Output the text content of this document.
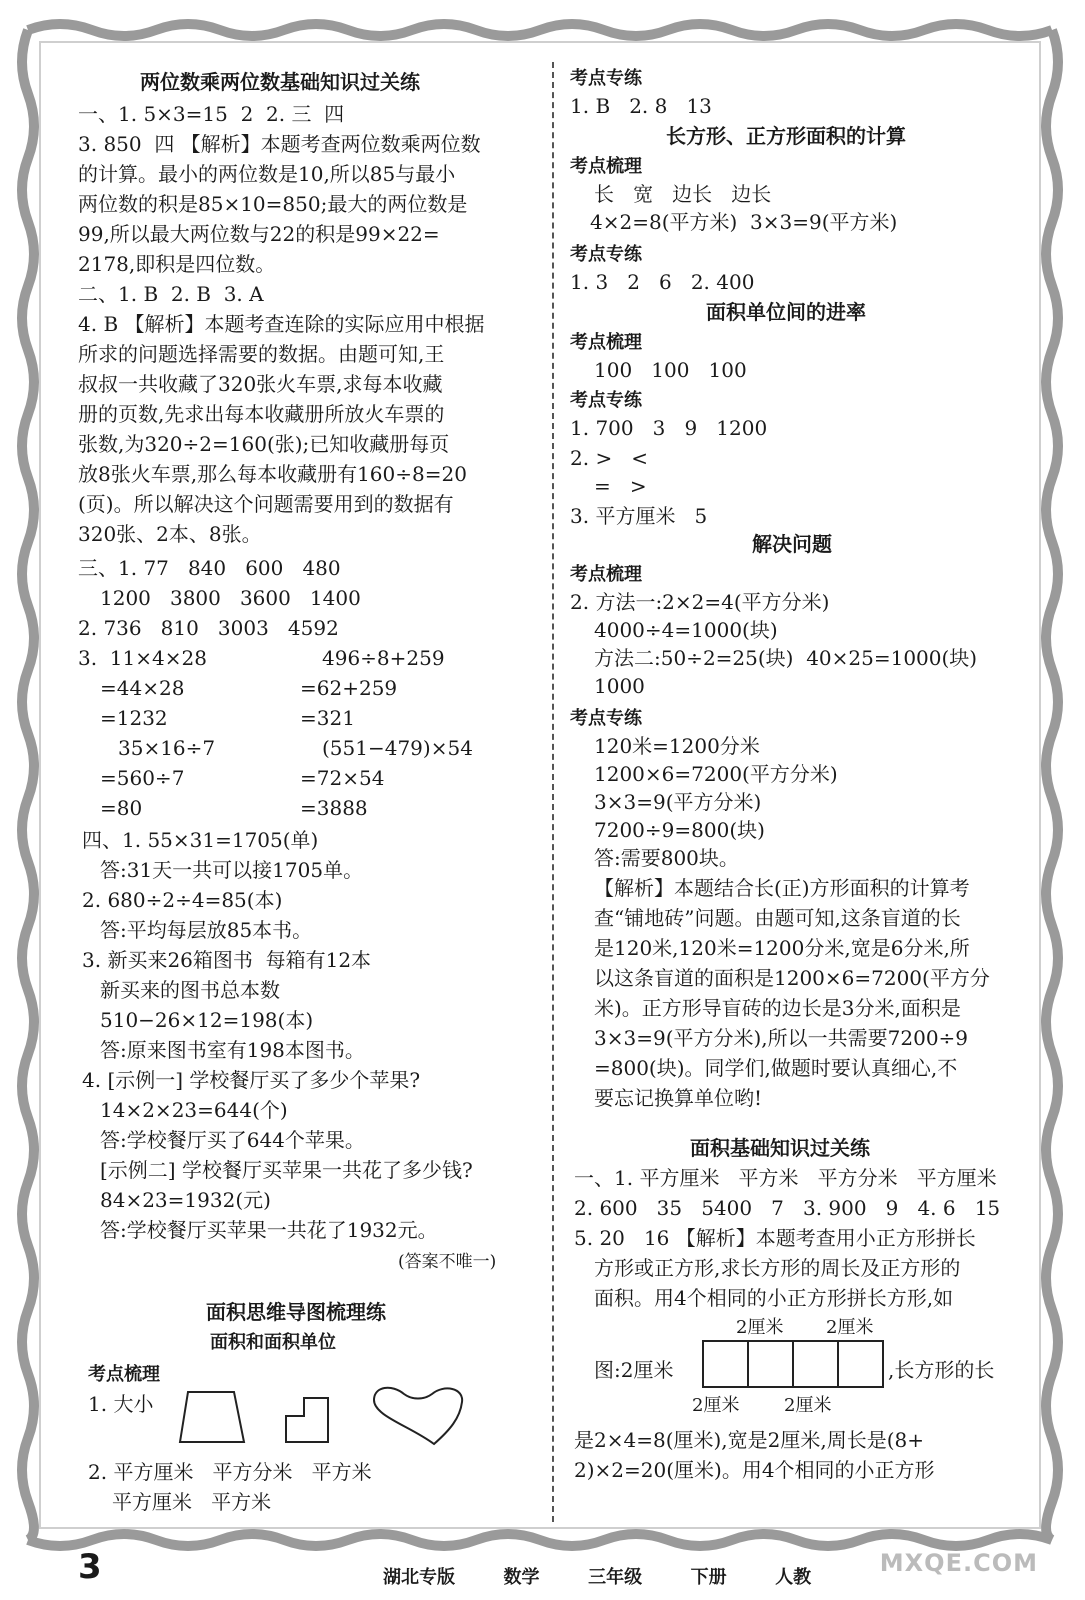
两位数乘两位数基础知识过关练
一、1. 5×3=15  2  2. 三  四
3. 850  四 【解析】本题考查两位数乘两位数
的计算。最小的两位数是10,所以85与最小
两位数的积是85×10=850;最大的两位数是
99,所以最大两位数与22的积是99×22=
2178,即积是四位数。
二、1. B  2. B  3. A
4. B 【解析】本题考查连除的实际应用中根据
所求的问题选择需要的数据。由题可知,王
叔叔一共收藏了320张火车票,求每本收藏
册的页数,先求出每本收藏册所放火车票的
张数,为320÷2=160(张);已知收藏册每页
放8张火车票,那么每本收藏册有160÷8=20
(页)。所以解决这个问题需要用到的数据有
320张、2本、8张。
三、1. 77   840   600   480
1200   3800   3600   1400
2. 736   810   3003   4592
3.  11×4×28
=44×28
=1232
35×16÷7
=560÷7
=80
496÷8+259
=62+259
=321
(551−479)×54
=72×54
=3888
四、1. 55×31=1705(单)
答:31天一共可以接1705单。
2. 680÷2÷4=85(本)
答:平均每层放85本书。
3. 新买来26箱图书  每箱有12本
新买来的图书总本数
510−26×12=198(本)
答:原来图书室有198本图书。
4. [示例一] 学校餐厅买了多少个苹果?
14×2×23=644(个)
答:学校餐厅买了644个苹果。
[示例二] 学校餐厅买苹果一共花了多少钱?
84×23=1932(元)
答:学校餐厅买苹果一共花了1932元。
(答案不唯一)
面积思维导图梳理练
面积和面积单位
考点梳理
1. 大小
2. 平方厘米   平方分米   平方米
平方厘米   平方米
考点专练
1. B   2. 8   13
长方形、正方形面积的计算
考点梳理
长   宽   边长   边长
4×2=8(平方米)  3×3=9(平方米)
考点专练
1. 3   2   6   2. 400
面积单位间的进率
考点梳理
100   100   100
考点专练
1. 700   3   9   1200
2. >   <
=   >
3. 平方厘米   5
解决问题
考点梳理
2. 方法一:2×2=4(平方分米)
4000÷4=1000(块)
方法二:50÷2=25(块)  40×25=1000(块)
1000
考点专练
120米=1200分米
1200×6=7200(平方分米)
3×3=9(平方分米)
7200÷9=800(块)
答:需要800块。
【解析】本题结合长(正)方形面积的计算考
查“铺地砖”问题。由题可知,这条盲道的长
是120米,120米=1200分米,宽是6分米,所
以这条盲道的面积是1200×6=7200(平方分
米)。正方形导盲砖的边长是3分米,面积是
3×3=9(平方分米),所以一共需要7200÷9
=800(块)。同学们,做题时要认真细心,不
要忘记换算单位哟!
面积基础知识过关练
一、1. 平方厘米   平方米   平方分米   平方厘米
2. 600   35   5400   7   3. 900   9   4. 6   15
5. 20   16 【解析】本题考查用小正方形拼长
方形或正方形,求长方形的周长及正方形的
面积。用4个相同的小正方形拼长方形,如
2厘米 2厘米
图:2厘米	,长方形的长
2厘米 2厘米
是2×4=8(厘米),宽是2厘米,周长是(8+
2)×2=20(厘米)。用4个相同的小正方形
3	湖北专版  数学  三年级  下册  人教
MXQE.COM
